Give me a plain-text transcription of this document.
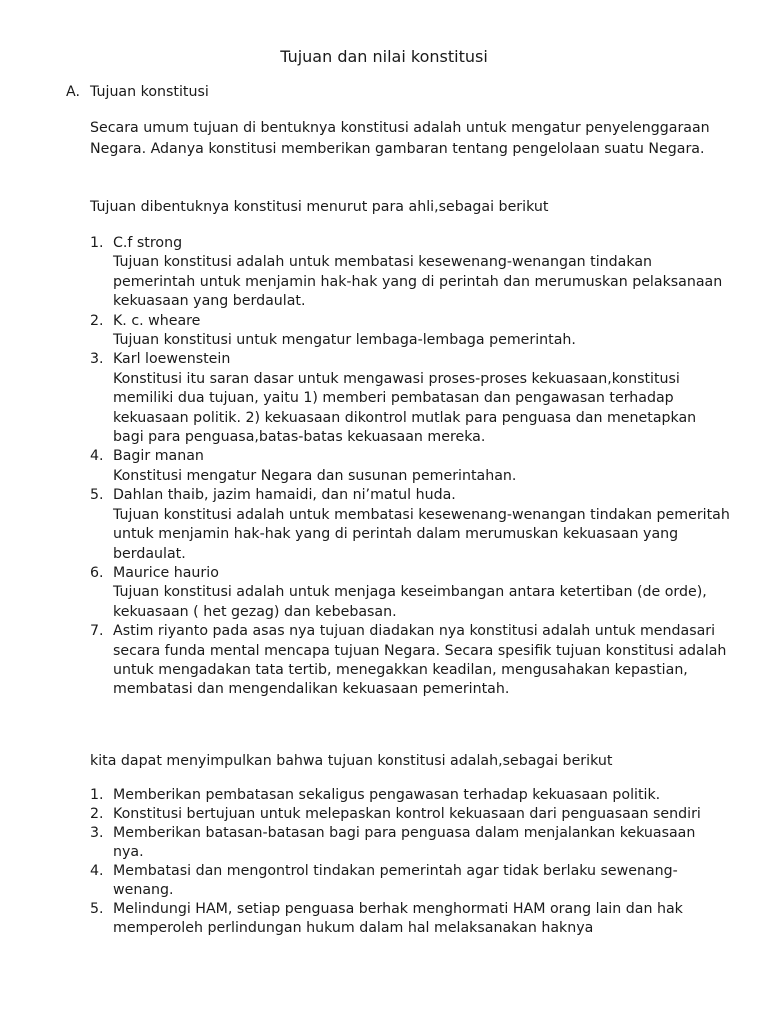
Tujuan dan nilai konstitusi
A. Tujuan konstitusi
Secara umum tujuan di bentuknya konstitusi adalah untuk mengatur penyelenggaraan Negara. Adanya konstitusi memberikan gambaran tentang pengelolaan suatu Negara.
Tujuan dibentuknya konstitusi menurut para ahli,sebagai berikut
1. C.f strong
Tujuan konstitusi adalah untuk membatasi kesewenang-wenangan tindakan pemerintah untuk menjamin hak-hak yang di perintah dan merumuskan pelaksanaan kekuasaan yang berdaulat.
2. K. c. wheare
Tujuan konstitusi untuk mengatur lembaga-lembaga pemerintah.
3. Karl loewenstein
Konstitusi itu saran dasar untuk mengawasi proses-proses kekuasaan,konstitusi memiliki dua tujuan, yaitu 1) memberi pembatasan dan pengawasan terhadap kekuasaan politik. 2) kekuasaan dikontrol mutlak para penguasa dan menetapkan bagi para penguasa,batas-batas kekuasaan mereka.
4. Bagir manan
Konstitusi mengatur Negara dan susunan pemerintahan.
5. Dahlan thaib, jazim hamaidi, dan ni’matul huda.
Tujuan konstitusi adalah untuk membatasi kesewenang-wenangan tindakan pemeritah untuk menjamin hak-hak yang di perintah dalam merumuskan kekuasaan yang berdaulat.
6. Maurice haurio
Tujuan konstitusi adalah untuk menjaga keseimbangan antara ketertiban (de orde), kekuasaan ( het gezag) dan kebebasan.
7. Astim riyanto pada asas nya tujuan diadakan nya konstitusi adalah untuk mendasari secara funda mental mencapa tujuan Negara. Secara spesifik tujuan konstitusi adalah untuk mengadakan tata tertib, menegakkan keadilan, mengusahakan kepastian, membatasi dan mengendalikan kekuasaan pemerintah.
kita dapat menyimpulkan bahwa tujuan konstitusi adalah,sebagai berikut
1. Memberikan pembatasan sekaligus pengawasan terhadap kekuasaan politik.
2. Konstitusi bertujuan untuk melepaskan kontrol kekuasaan dari penguasaan sendiri
3. Memberikan batasan-batasan bagi para penguasa dalam menjalankan kekuasaan nya.
4. Membatasi dan mengontrol tindakan pemerintah agar tidak berlaku sewenang-wenang.
5. Melindungi HAM, setiap penguasa berhak menghormati HAM orang lain dan hak memperoleh perlindungan hukum dalam hal melaksanakan haknya
